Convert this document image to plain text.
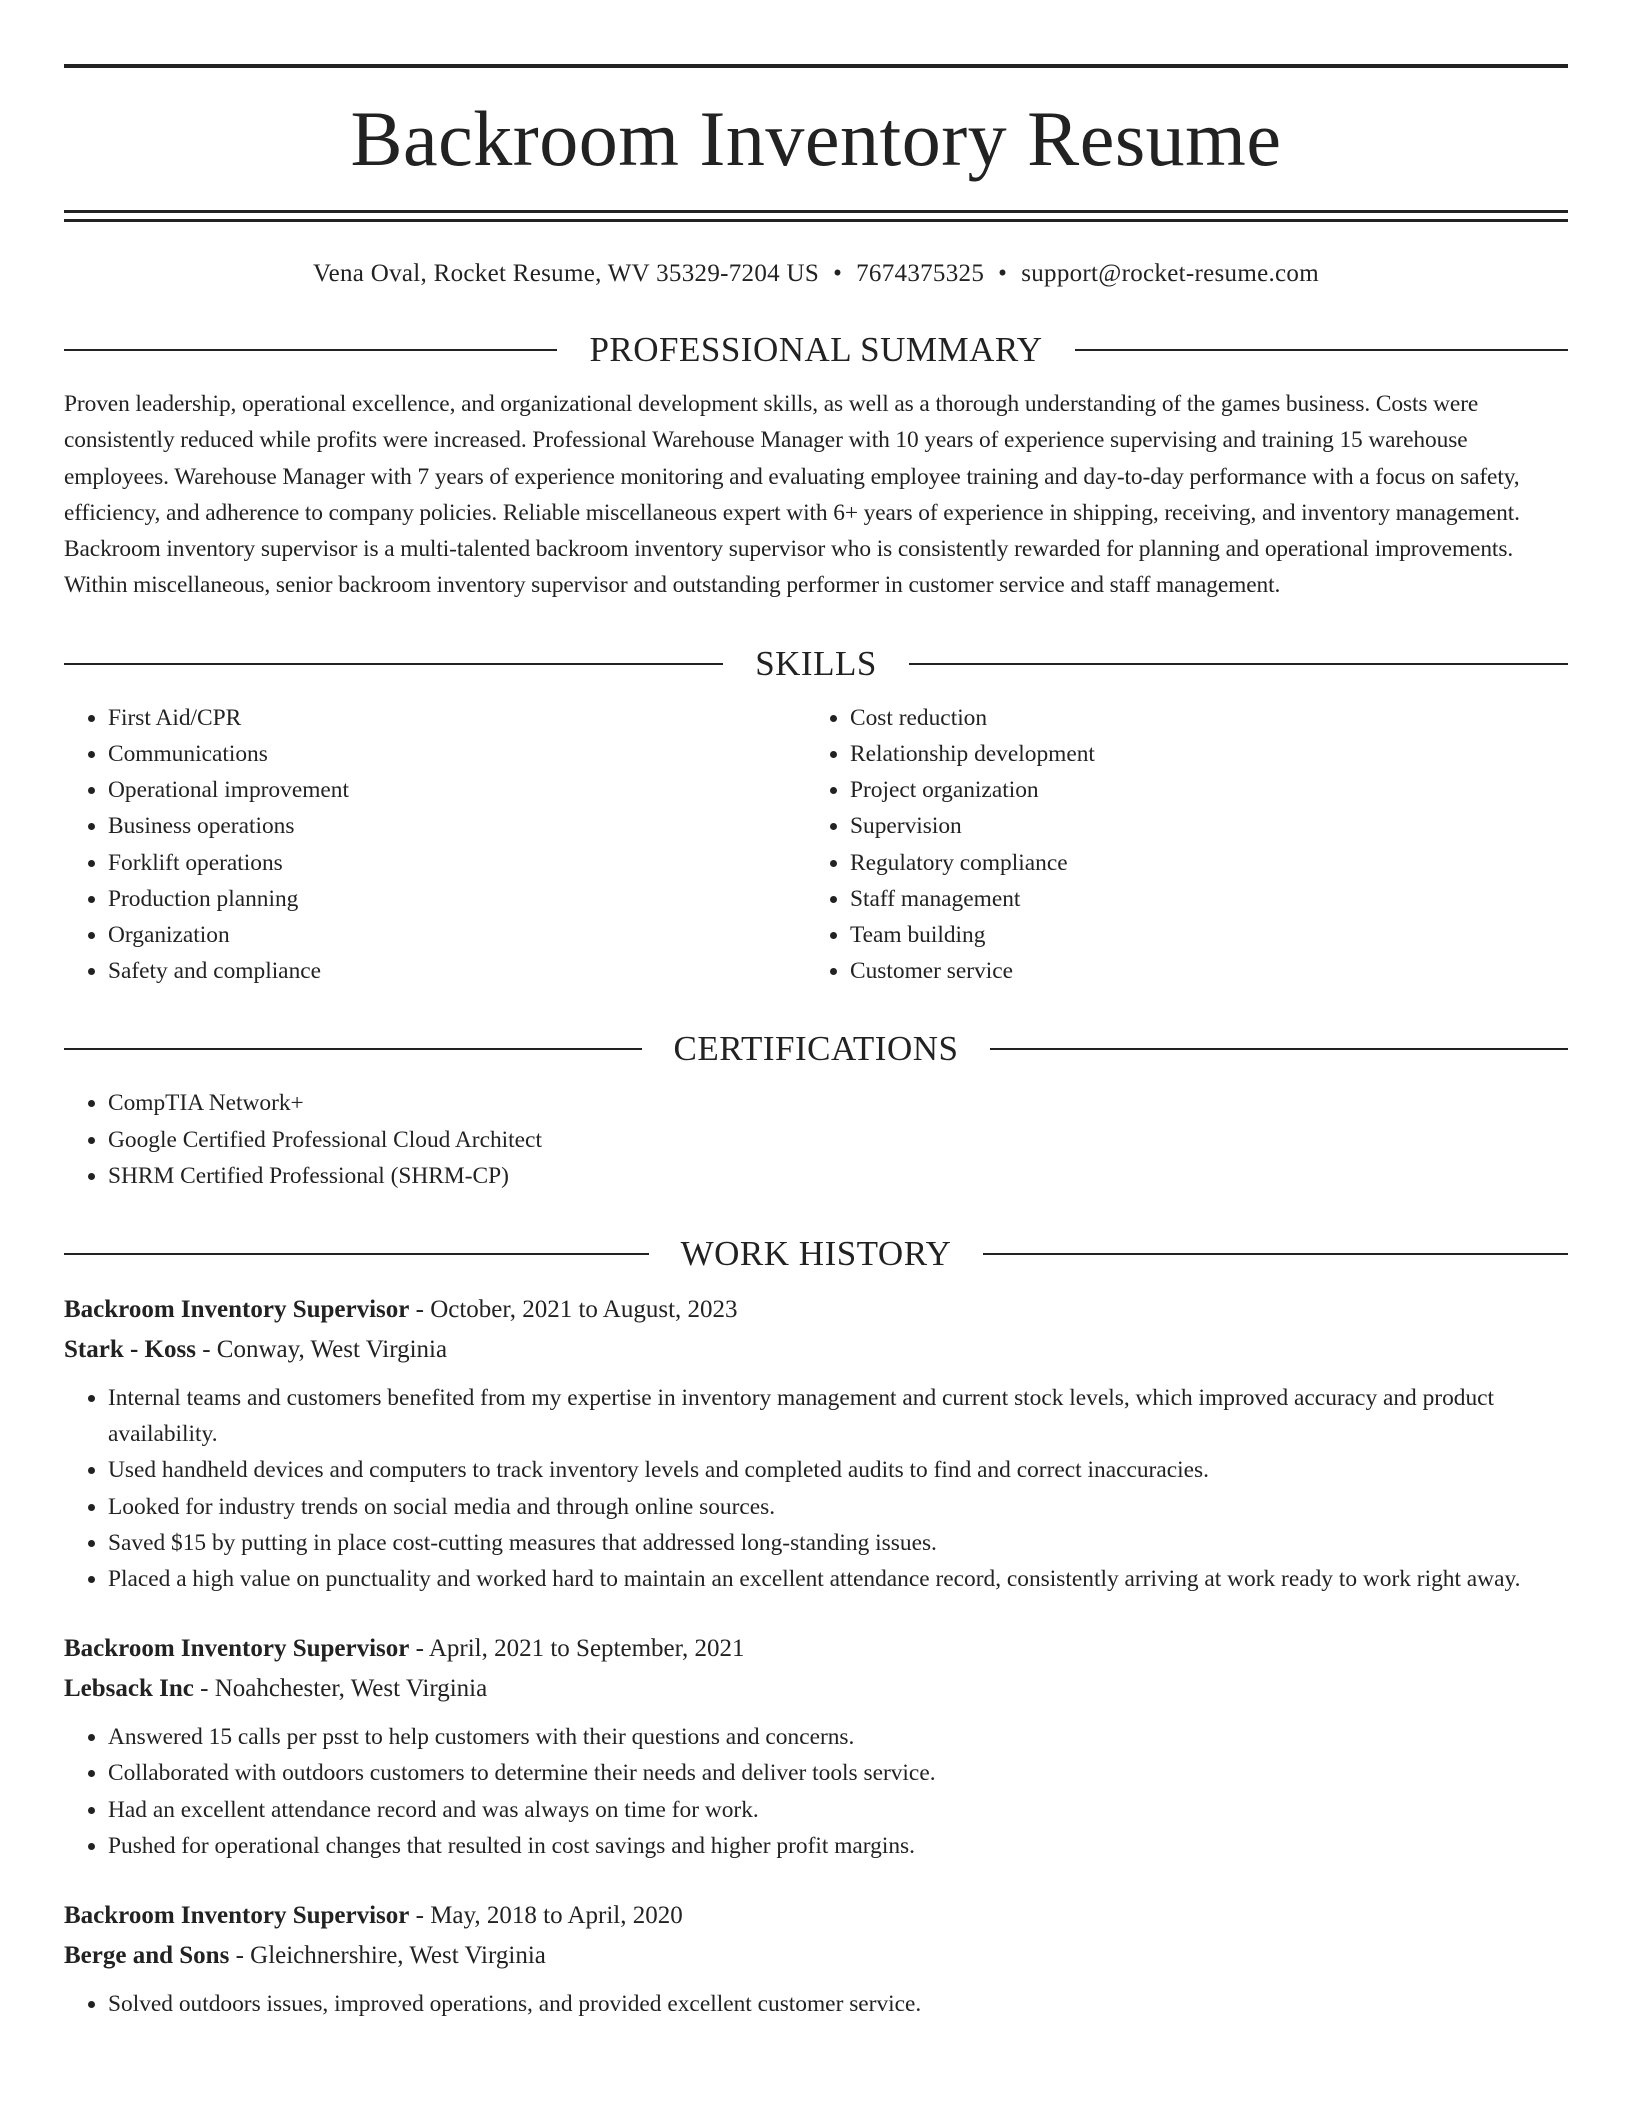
Backroom Inventory Resume
Vena Oval, Rocket Resume, WV 35329-7204 US • 7674375325 • support@rocket-resume.com
PROFESSIONAL SUMMARY
Proven leadership, operational excellence, and organizational development skills, as well as a thorough understanding of the games business. Costs were consistently reduced while profits were increased. Professional Warehouse Manager with 10 years of experience supervising and training 15 warehouse employees. Warehouse Manager with 7 years of experience monitoring and evaluating employee training and day-to-day performance with a focus on safety, efficiency, and adherence to company policies. Reliable miscellaneous expert with 6+ years of experience in shipping, receiving, and inventory management. Backroom inventory supervisor is a multi-talented backroom inventory supervisor who is consistently rewarded for planning and operational improvements. Within miscellaneous, senior backroom inventory supervisor and outstanding performer in customer service and staff management.
SKILLS
• First Aid/CPR
• Communications
• Operational improvement
• Business operations
• Forklift operations
• Production planning
• Organization
• Safety and compliance
• Cost reduction
• Relationship development
• Project organization
• Supervision
• Regulatory compliance
• Staff management
• Team building
• Customer service
CERTIFICATIONS
• CompTIA Network+
• Google Certified Professional Cloud Architect
• SHRM Certified Professional (SHRM-CP)
WORK HISTORY
Backroom Inventory Supervisor - October, 2021 to August, 2023
Stark - Koss - Conway, West Virginia
• Internal teams and customers benefited from my expertise in inventory management and current stock levels, which improved accuracy and product availability.
• Used handheld devices and computers to track inventory levels and completed audits to find and correct inaccuracies.
• Looked for industry trends on social media and through online sources.
• Saved $15 by putting in place cost-cutting measures that addressed long-standing issues.
• Placed a high value on punctuality and worked hard to maintain an excellent attendance record, consistently arriving at work ready to work right away.
Backroom Inventory Supervisor - April, 2021 to September, 2021
Lebsack Inc - Noahchester, West Virginia
• Answered 15 calls per psst to help customers with their questions and concerns.
• Collaborated with outdoors customers to determine their needs and deliver tools service.
• Had an excellent attendance record and was always on time for work.
• Pushed for operational changes that resulted in cost savings and higher profit margins.
Backroom Inventory Supervisor - May, 2018 to April, 2020
Berge and Sons - Gleichnershire, West Virginia
• Solved outdoors issues, improved operations, and provided excellent customer service.
